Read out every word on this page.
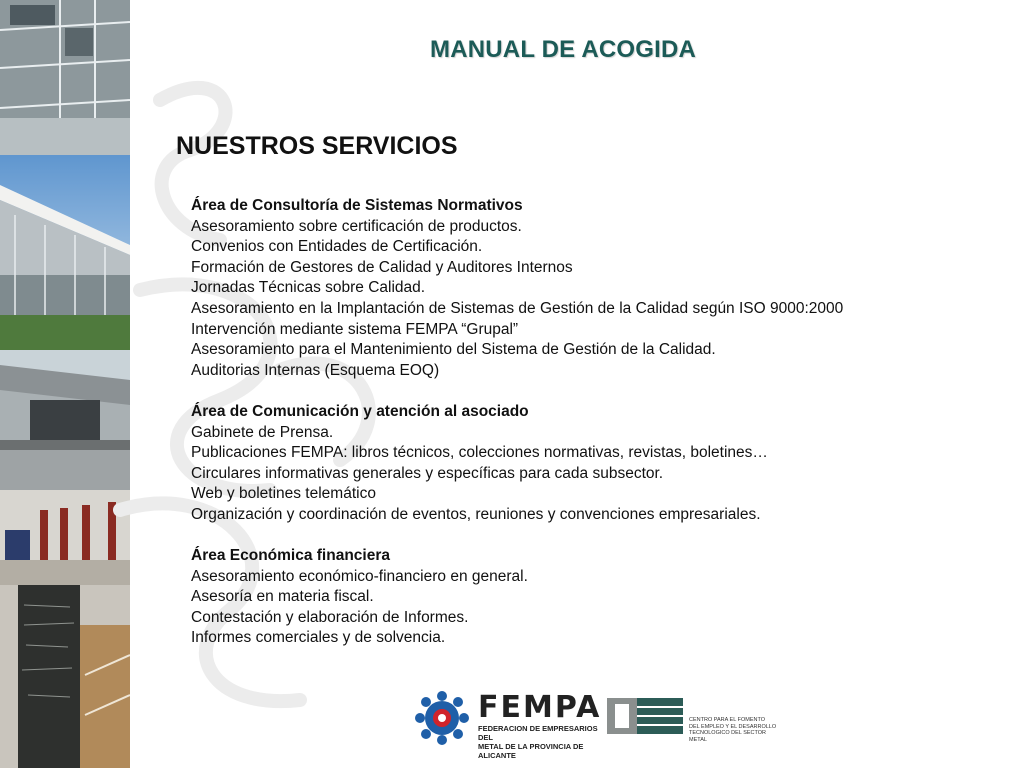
MANUAL DE ACOGIDA
NUESTROS SERVICIOS
Área de Consultoría de Sistemas Normativos
Asesoramiento sobre certificación de productos.
Convenios con Entidades de Certificación.
Formación de Gestores de Calidad y Auditores Internos
Jornadas Técnicas sobre Calidad.
Asesoramiento en la Implantación de Sistemas de Gestión de la Calidad según ISO 9000:2000
Intervención mediante sistema FEMPA “Grupal”
Asesoramiento para el Mantenimiento del Sistema de Gestión de la Calidad.
Auditorias Internas (Esquema EOQ)
Área de Comunicación y atención al asociado
Gabinete de Prensa.
Publicaciones FEMPA: libros técnicos, colecciones normativas, revistas, boletines…
Circulares informativas generales y específicas para cada subsector.
Web y boletines telemático
Organización y coordinación de eventos, reuniones y convenciones empresariales.
Área Económica financiera
Asesoramiento económico-financiero en general.
Asesoría en materia fiscal.
Contestación y elaboración de Informes.
Informes comerciales y de solvencia.
FEMPA
FEDERACION DE EMPRESARIOS DEL
METAL DE LA PROVINCIA DE ALICANTE
CENTRO PARA EL FOMENTO
DEL EMPLEO Y EL DESARROLLO
TECNOLOGICO DEL SECTOR METAL
